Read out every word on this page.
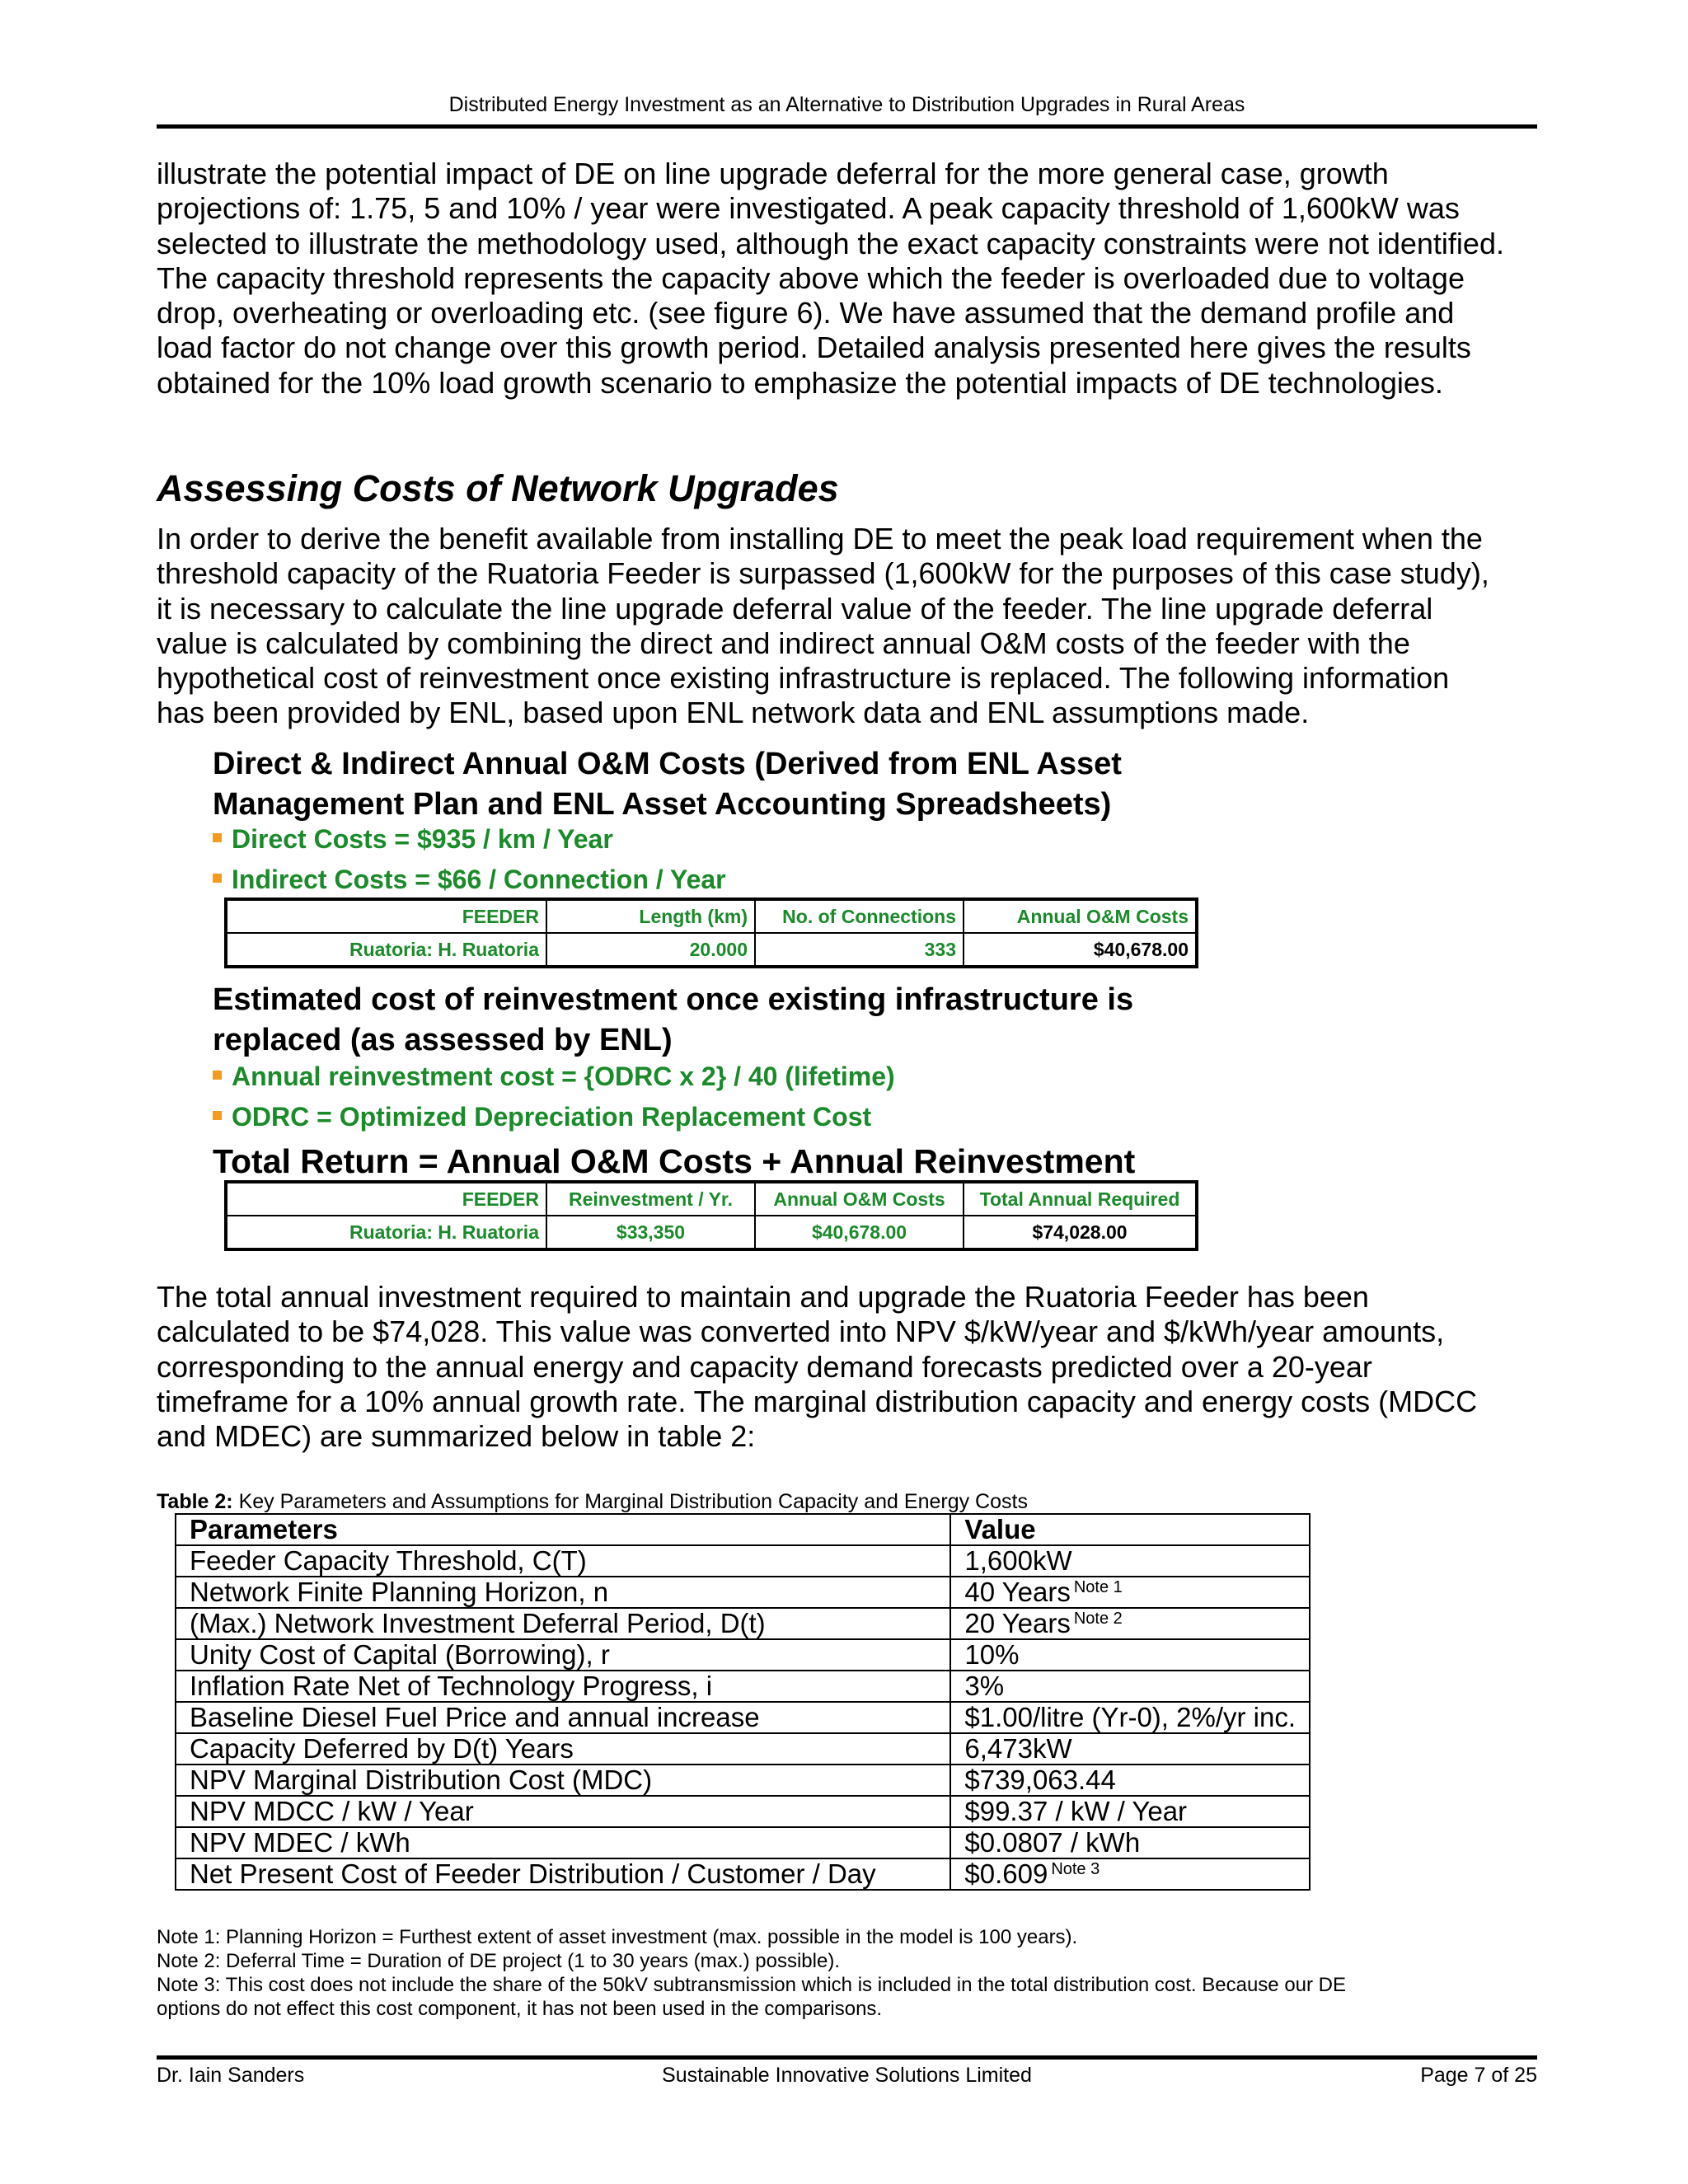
Distributed Energy Investment as an Alternative to Distribution Upgrades in Rural Areas

illustrate the potential impact of DE on line upgrade deferral for the more general case, growth

projections of: 1.75, 5 and 10% / year were investigated. A peak capacity threshold of 1,600kW was

selected to illustrate the methodology used, although the exact capacity constraints were not identified.

The capacity threshold represents the capacity above which the feeder is overloaded due to voltage

drop, overheating or overloading etc. (see figure 6). We have assumed that the demand profile and

load factor do not change over this growth period. Detailed analysis presented here gives the results

obtained for the 10% load growth scenario to emphasize the potential impacts of DE technologies.

Assessing Costs of Network Upgrades

In order to derive the benefit available from installing DE to meet the peak load requirement when the

threshold capacity of the Ruatoria Feeder is surpassed (1,600kW for the purposes of this case study),

it is necessary to calculate the line upgrade deferral value of the feeder. The line upgrade deferral

value is calculated by combining the direct and indirect annual O&M costs of the feeder with the

hypothetical cost of reinvestment once existing infrastructure is replaced. The following information

has been provided by ENL, based upon ENL network data and ENL assumptions made.

Direct & Indirect Annual O&M Costs (Derived from ENL Asset
Management Plan and ENL Asset Accounting Spreadsheets)
Direct Costs = $935 / km / Year
Indirect Costs = $66 / Connection / Year
FEEDER	Length (km)	No. of Connections	Annual O&M Costs
Ruatoria: H. Ruatoria	20.000	333	$40,678.00
Estimated cost of reinvestment once existing infrastructure is
replaced (as assessed by ENL)
Annual reinvestment cost = {ODRC x 2} / 40 (lifetime)
ODRC = Optimized Depreciation Replacement Cost
Total Return = Annual O&M Costs + Annual Reinvestment
FEEDER	Reinvestment / Yr.	Annual O&M Costs	Total Annual Required
Ruatoria: H. Ruatoria	$33,350	$40,678.00	$74,028.00

The total annual investment required to maintain and upgrade the Ruatoria Feeder has been

calculated to be $74,028. This value was converted into NPV $/kW/year and $/kWh/year amounts,

corresponding to the annual energy and capacity demand forecasts predicted over a 20-year

timeframe for a 10% annual growth rate. The marginal distribution capacity and energy costs (MDCC

and MDEC) are summarized below in table 2:

Table 2: Key Parameters and Assumptions for Marginal Distribution Capacity and Energy Costs
Parameters	Value
Feeder Capacity Threshold, C(T)	1,600kW
Network Finite Planning Horizon, n	40 Years $^{Note 1}$
(Max.) Network Investment Deferral Period, D(t)	20 Years $^{Note 2}$
Unity Cost of Capital (Borrowing), r	10%
Inflation Rate Net of Technology Progress, i	3%
Baseline Diesel Fuel Price and annual increase	$1.00/litre (Yr-0), 2%/yr inc.
Capacity Deferred by D(t) Years	6,473kW
NPV Marginal Distribution Cost (MDC)	$739,063.44
NPV MDCC / kW / Year	$99.37 / kW / Year
NPV MDEC / kWh	$0.0807 / kWh
Net Present Cost of Feeder Distribution / Customer / Day	$0.609 $^{Note 3}$

Note 1: Planning Horizon = Furthest extent of asset investment (max. possible in the model is 100 years).

Note 2: Deferral Time = Duration of DE project (1 to 30 years (max.) possible).

Note 3: This cost does not include the share of the 50kV subtransmission which is included in the total distribution cost. Because our DE

options do not effect this cost component, it has not been used in the comparisons.

Dr. Iain Sanders	Sustainable Innovative Solutions Limited	Page 7 of 25
